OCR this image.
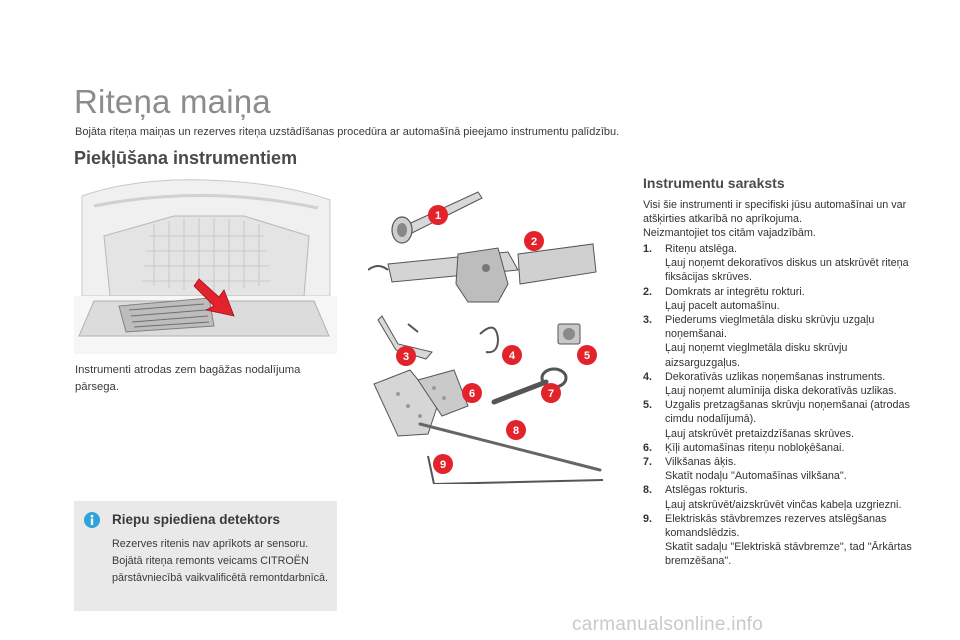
Riteņa maiņa
Bojāta riteņa maiņas un rezerves riteņa uzstādīšanas procedūra ar automašīnā pieejamo instrumentu palīdzību.
Piekļūšana instrumentiem
Instrumenti atrodas zem bagāžas nodalījuma pārsega.
1
2
3	4	5
6	7
8
9
Instrumentu saraksts
Visi šie instrumenti ir specifiski jūsu automašīnai un var atšķirties atkarībā no aprīkojuma.
Neizmantojiet tos citām vajadzībām.
1. Riteņu atslēga.
Ļauj noņemt dekoratīvos diskus un atskrūvēt riteņa fiksācijas skrūves.
2. Domkrats ar integrētu rokturi.
Ļauj pacelt automašīnu.
3. Piederums vieglmetāla disku skrūvju uzgaļu noņemšanai.
Ļauj noņemt vieglmetāla disku skrūvju aizsarguzgaļus.
4. Dekoratīvās uzlikas noņemšanas instruments.
Ļauj noņemt alumīnija diska dekoratīvās uzlikas.
5. Uzgalis pretzagšanas skrūvju noņemšanai (atrodas cimdu nodalījumā).
Ļauj atskrūvēt pretaizdzīšanas skrūves.
6. Ķīļi automašīnas riteņu nobloķēšanai.
7. Vilkšanas āķis.
Skatīt nodaļu "Automašīnas vilkšana".
8. Atslēgas rokturis.
Ļauj atskrūvēt/aizskrūvēt vinčas kabeļa uzgriezni.
9. Elektriskās stāvbremzes rezerves atslēgšanas komandslēdzis.
Skatīt sadaļu "Elektriskā stāvbremze", tad "Ārkārtas bremzēšana".
Riepu spiediena detektors
Rezerves ritenis nav aprīkots ar sensoru. Bojātā riteņa remonts veicams CITROËN pārstāvniecībā vaikvalificētā remontdarbnīcā.
carmanualsonline.info
